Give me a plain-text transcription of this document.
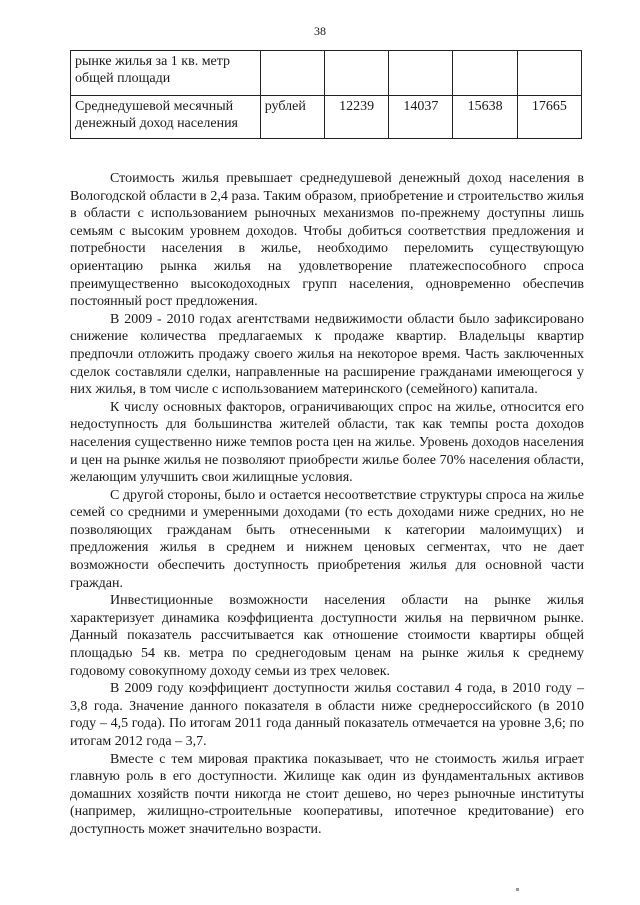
38
рынке жилья за 1 кв. метр общей площади					
Среднедушевой месячный денежный доход населения	рублей	12239	14037	15638	17665

Стоимость жилья превышает среднедушевой денежный доход населения в Вологодской области в 2,4 раза. Таким образом, приобретение и строительство жилья в области с использованием рыночных механизмов по-прежнему доступны лишь семьям с высоким уровнем доходов. Чтобы добиться соответствия предложения и потребности населения в жилье, необходимо переломить существующую ориентацию рынка жилья на удовлетворение платежеспособного спроса преимущественно высокодоходных групп населения, одновременно обеспечив постоянный рост предложения.

В 2009 - 2010 годах агентствами недвижимости области было зафиксировано снижение количества предлагаемых к продаже квартир. Владельцы квартир предпочли отложить продажу своего жилья на некоторое время. Часть заключенных сделок составляли сделки, направленные на расширение гражданами имеющегося у них жилья, в том числе с использованием материнского (семейного) капитала.

К числу основных факторов, ограничивающих спрос на жилье, относится его недоступность для большинства жителей области, так как темпы роста доходов населения существенно ниже темпов роста цен на жилье. Уровень доходов населения и цен на рынке жилья не позволяют приобрести жилье более 70% населения области, желающим улучшить свои жилищные условия.

С другой стороны, было и остается несоответствие структуры спроса на жилье семей со средними и умеренными доходами (то есть доходами ниже средних, но не позволяющих гражданам быть отнесенными к категории малоимущих) и предложения жилья в среднем и нижнем ценовых сегментах, что не дает возможности обеспечить доступность приобретения жилья для основной части граждан.

Инвестиционные возможности населения области на рынке жилья характеризует динамика коэффициента доступности жилья на первичном рынке. Данный показатель рассчитывается как отношение стоимости квартиры общей площадью 54 кв. метра по среднегодовым ценам на рынке жилья к среднему годовому совокупному доходу семьи из трех человек.

В 2009 году коэффициент доступности жилья составил 4 года, в 2010 году – 3,8 года. Значение данного показателя в области ниже среднероссийского (в 2010 году – 4,5 года). По итогам 2011 года данный показатель отмечается на уровне 3,6; по итогам 2012 года – 3,7.

Вместе с тем мировая практика показывает, что не стоимость жилья играет главную роль в его доступности. Жилище как один из фундаментальных активов домашних хозяйств почти никогда не стоит дешево, но через рыночные институты (например, жилищно-строительные кооперативы, ипотечное кредитование) его доступность может значительно возрасти.
